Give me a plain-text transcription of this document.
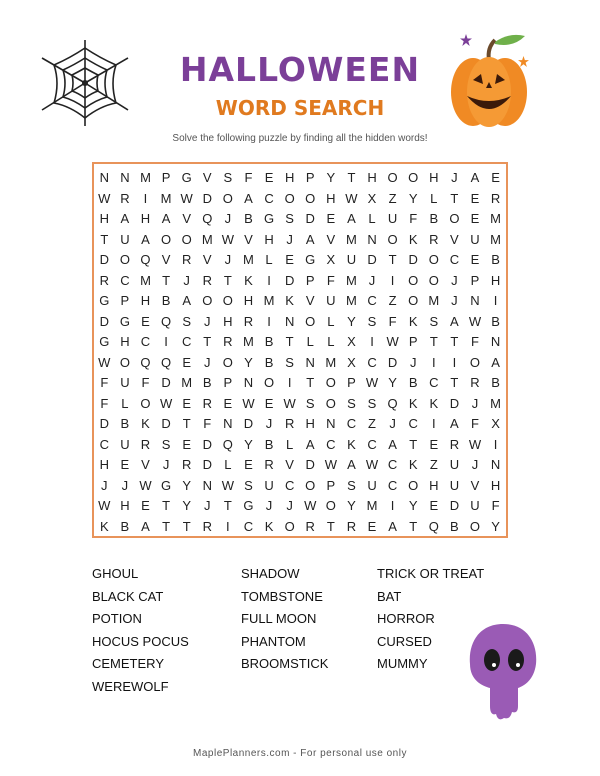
HALLOWEEN
WORD SEARCH
Solve the following puzzle by finding all the hidden words!
N N M P G V S F E H P Y T H O O H J	A E
W R	I	M W D O A C O O H W X Z Y L	T E R
H A H A V Q J	B G S D E A L U F B O E M
T U A O O M W V H J	A V M N O K R V U M
D O Q V R V	J M L E G X U D T D O C E B
R C M T	J R T K	I	D P F M J	I	O O J	P H
G P H B A O O H M K V U M C Z O M J N	I
D G E Q S	J H R	I	N O L Y S F K S A W B
G H C	I	C T R M B T	L	L X	I W P T T F N
W O Q Q E	J O Y B S N M X C D J	I	I	O A
F U F D M B P N O	I	T O P W Y B C T R B
F	L O W E R E W E W S O S S Q K K D J M
D B K D T F N D J R H N C Z	J C	I	A F X
C U R S E D Q Y B L A C K C A T E R W I
H E V	J R D L E R V D W A W C K Z U J N
J	J W G Y N W S U C O P S U C O H U V H
W H E T Y	J	T G J	J W O Y M	I	Y E D U F
K B A T T R	I	C K O R T R E A T Q B O Y
GHOUL
BLACK CAT
POTION
HOCUS POCUS
CEMETERY
WEREWOLF
SHADOW
TOMBSTONE
FULL MOON
PHANTOM
BROOMSTICK
TRICK OR TREAT
BAT
HORROR
CURSED
MUMMY
MaplePlanners.com - For personal use only
